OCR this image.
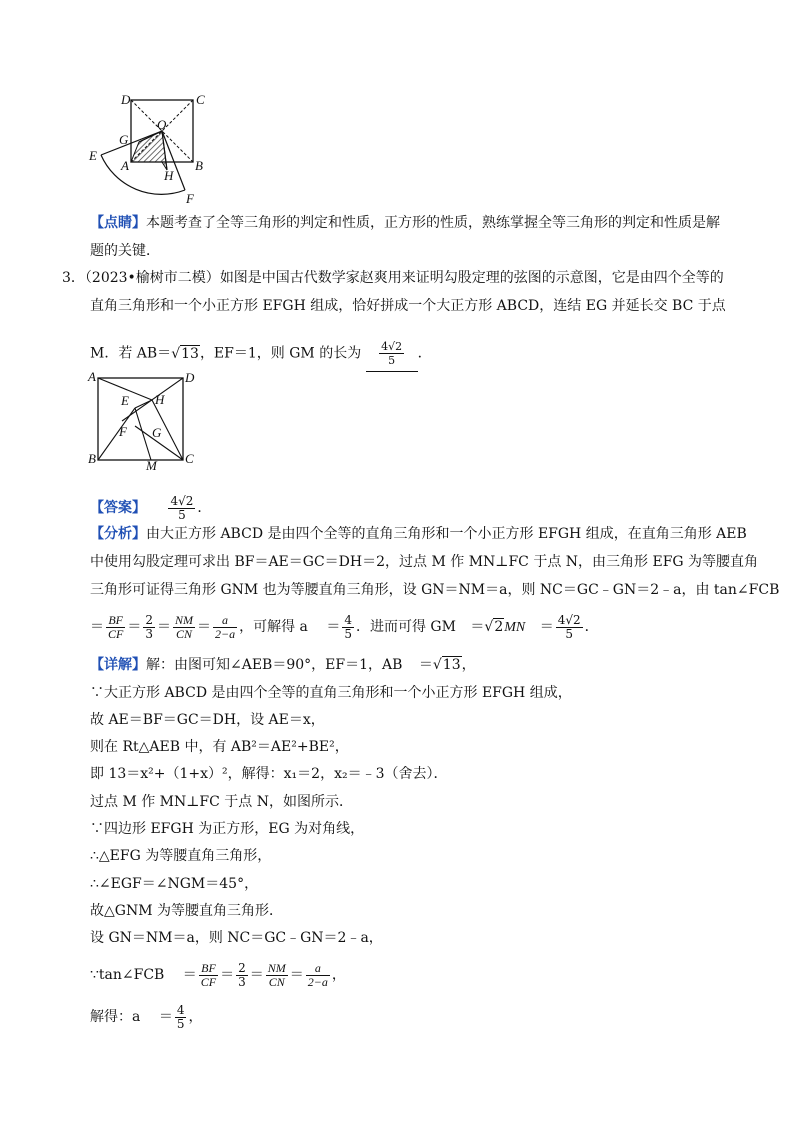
D	C
O
G
E
A	B
H
F
【点睛】本题考查了全等三角形的判定和性质，正方形的性质，熟练掌握全等三角形的判定和性质是解
题的关键．
3．（2023•榆树市二模）如图是中国古代数学家赵爽用来证明勾股定理的弦图的示意图，它是由四个全等的
直角三角形和一个小正方形 EFGH 组成，恰好拼成一个大正方形 ABCD，连结 EG 并延长交 BC 于点
M．若 AB＝√13，EF＝1，则 GM 的长为 $\frac{4√2}{5}$ ．
A	D
E H
F G
B	M C
【答案】 $\frac{4√2}{5}$ ．
【分析】由大正方形 ABCD 是由四个全等的直角三角形和一个小正方形 EFGH 组成，在直角三角形 AEB
中使用勾股定理可求出 BF＝AE＝GC＝DH＝2，过点 M 作 MN⊥FC 于点 N，由三角形 EFG 为等腰直角
三角形可证得三角形 GNM 也为等腰直角三角形，设 GN＝NM＝a，则 NC＝GC﹣GN＝2﹣a，由 tan∠FCB
＝ $\frac{BF}{CF} = \frac{2}{3} = \frac{NM}{CN} = \frac{a}{2-a}$ ，可解得 $a = \frac{4}{5}$ ．进而可得 GM $=√2MN = \frac{4√2}{5}$ ．
【详解】解：由图可知∠AEB＝90°，EF＝1，AB ＝√13，
∵大正方形 ABCD 是由四个全等的直角三角形和一个小正方形 EFGH 组成，
故 AE＝BF＝GC＝DH，设 AE＝x，
则在 Rt△AEB 中，有 AB²＝AE²+BE²，
即 13＝x²+（1+x）²，解得：x₁＝2，x₂＝﹣3（舍去）．
过点 M 作 MN⊥FC 于点 N，如图所示．
∵四边形 EFGH 为正方形，EG 为对角线，
∴△EFG 为等腰直角三角形，
∴∠EGF＝∠NGM＝45°，
故△GNM 为等腰直角三角形．
设 GN＝NM＝a，则 NC＝GC﹣GN＝2﹣a，
∵tan∠FCB ＝ $\frac{BF}{CF} = \frac{2}{3} = \frac{NM}{CN} = \frac{a}{2-a}$ ，
解得：$a = \frac{4}{5}$ ，
